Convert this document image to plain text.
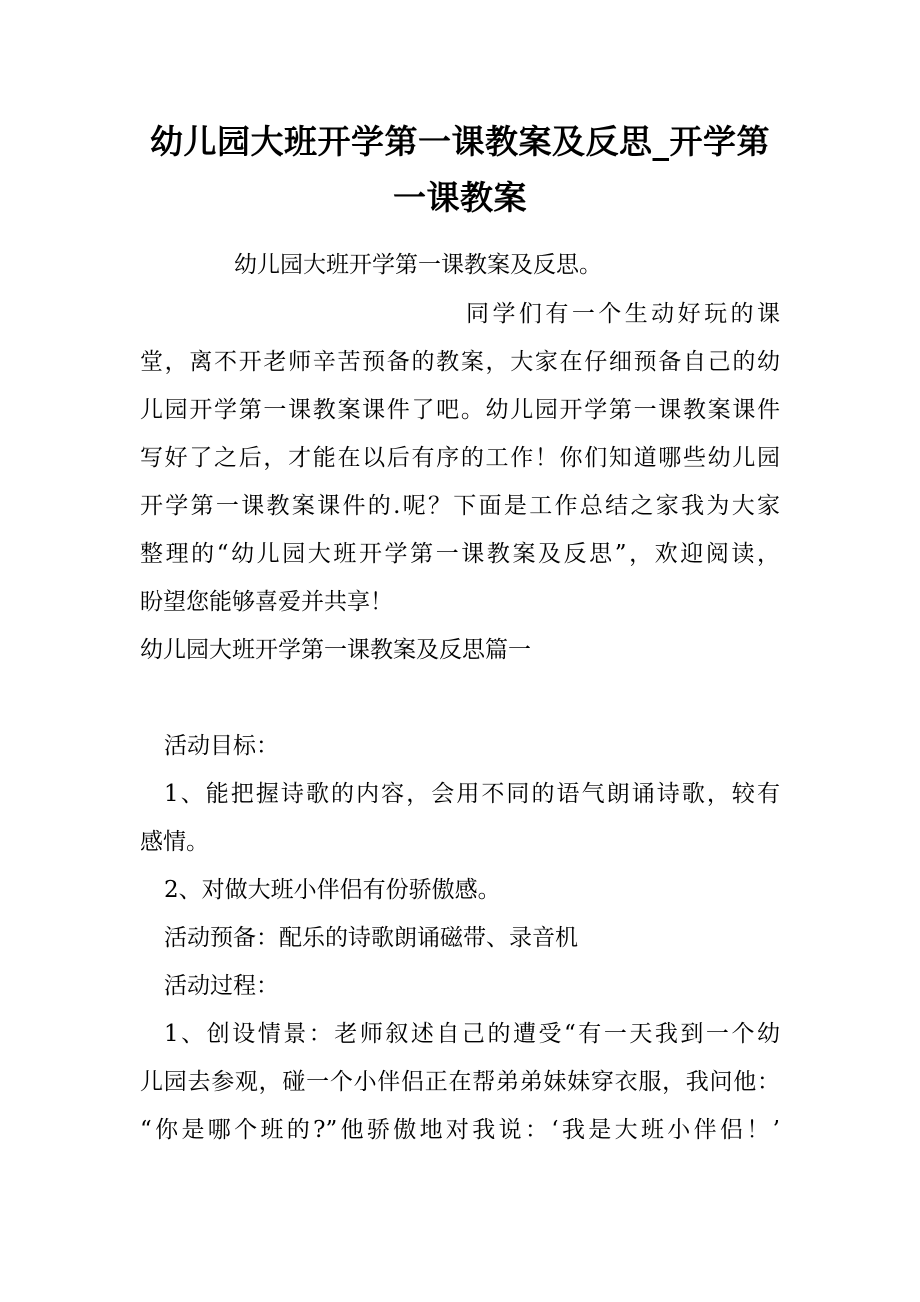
幼儿园大班开学第一课教案及反思_开学第
一课教案

幼儿园大班开学第一课教案及反思。

同学们有一个生动好玩的课

堂，离不开老师辛苦预备的教案，大家在仔细预备自己的幼

儿园开学第一课教案课件了吧。幼儿园开学第一课教案课件

写好了之后，才能在以后有序的工作！你们知道哪些幼儿园

开学第一课教案课件的.呢？下面是工作总结之家我为大家

整理的“幼儿园大班开学第一课教案及反思”，欢迎阅读，

盼望您能够喜爱并共享！

幼儿园大班开学第一课教案及反思篇一

活动目标：

1、能把握诗歌的内容，会用不同的语气朗诵诗歌，较有

感情。

2、对做大班小伴侣有份骄傲感。

活动预备：配乐的诗歌朗诵磁带、录音机

活动过程：

1、创设情景：老师叙述自己的遭受“有一天我到一个幼

儿园去参观，碰一个小伴侣正在帮弟弟妹妹穿衣服，我问他：

“你是哪个班的?”他骄傲地对我说：‘我是大班小伴侣！’
